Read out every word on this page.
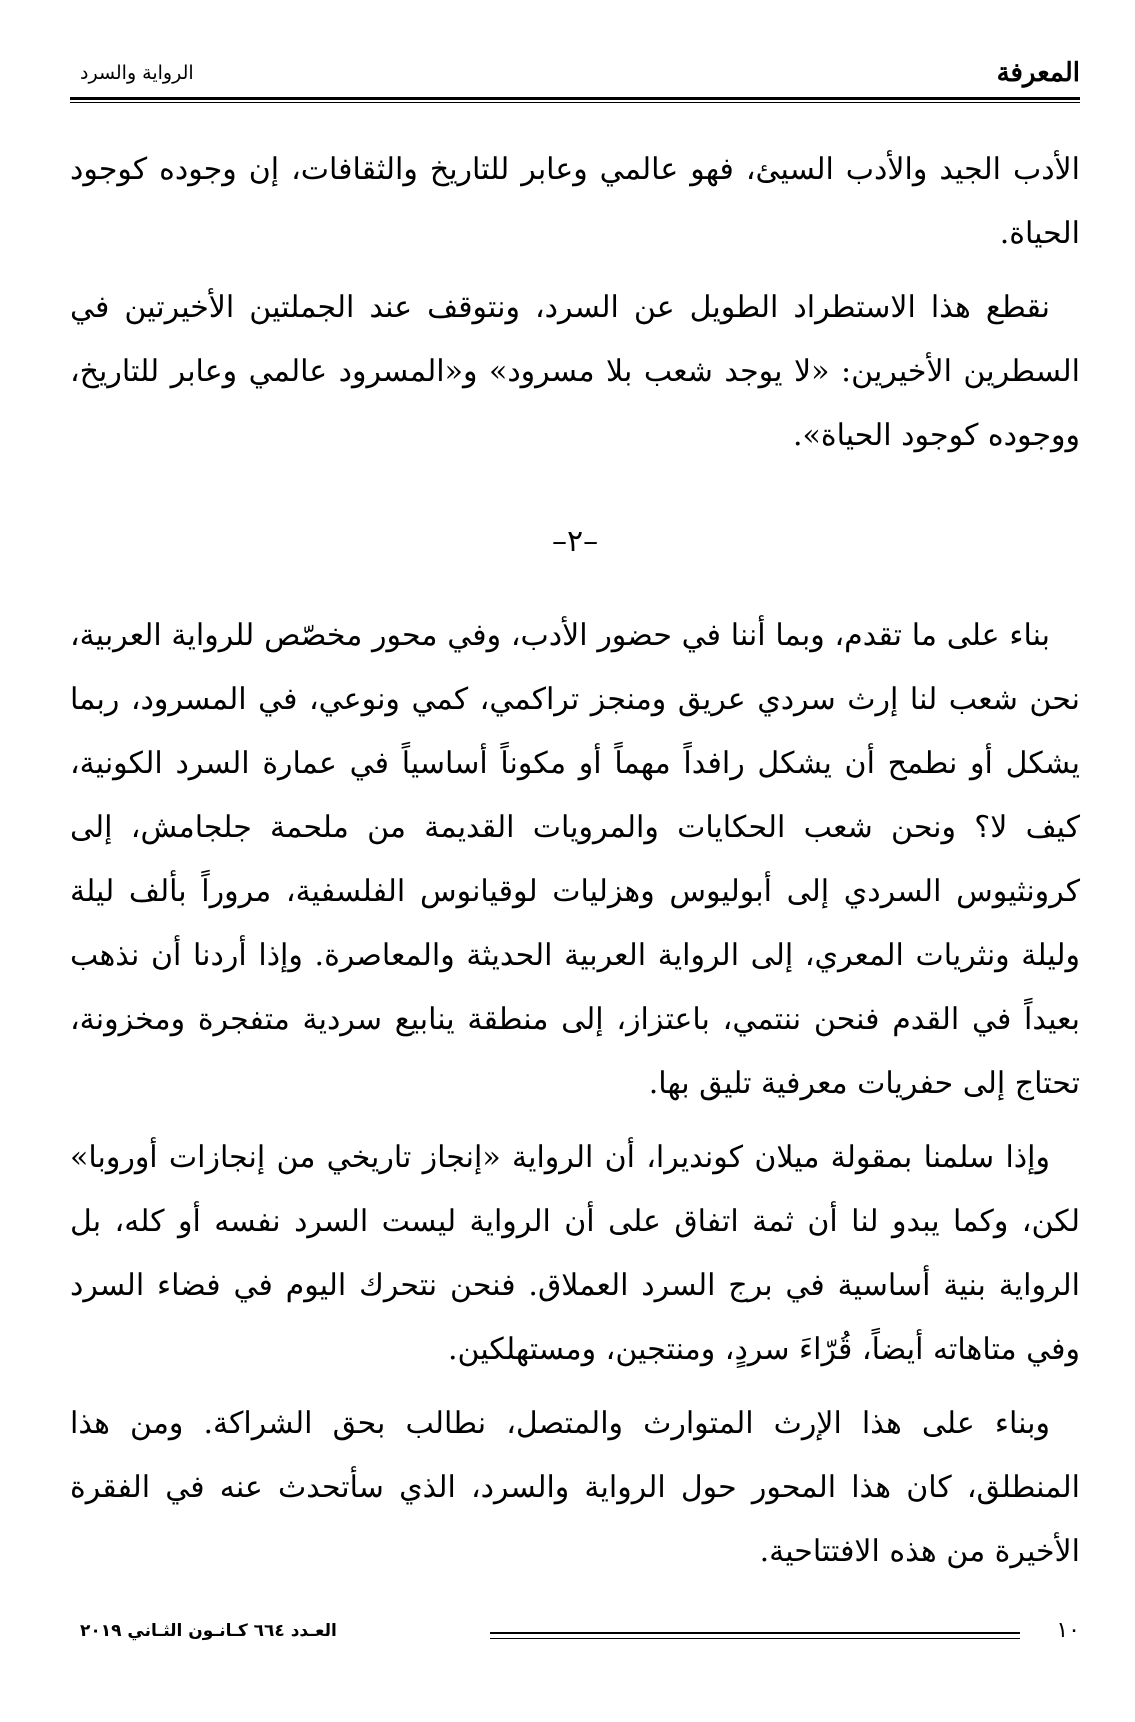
المعرفة
الرواية والسرد

الأدب الجيد والأدب السيئ، فهو عالمي وعابر للتاريخ والثقافات، إن وجوده كوجود الحياة.

نقطع هذا الاستطراد الطويل عن السرد، ونتوقف عند الجملتين الأخيرتين في السطرين الأخيرين: «لا يوجد شعب بلا مسرود» و«المسرود عالمي وعابر للتاريخ، ووجوده كوجود الحياة».

–٢–

بناء على ما تقدم، وبما أننا في حضور الأدب، وفي محور مخصّص للرواية العربية، نحن شعب لنا إرث سردي عريق ومنجز تراكمي، كمي ونوعي، في المسرود، ربما يشكل أو نطمح أن يشكل رافداً مهماً أو مكوناً أساسياً في عمارة السرد الكونية، كيف لا؟ ونحن شعب الحكايات والمرويات القديمة من ملحمة جلجامش، إلى كرونثيوس السردي إلى أبوليوس وهزليات لوقيانوس الفلسفية، مروراً بألف ليلة وليلة ونثريات المعري، إلى الرواية العربية الحديثة والمعاصرة. وإذا أردنا أن نذهب بعيداً في القدم فنحن ننتمي، باعتزاز، إلى منطقة ينابيع سردية متفجرة ومخزونة، تحتاج إلى حفريات معرفية تليق بها.

وإذا سلمنا بمقولة ميلان كونديرا، أن الرواية «إنجاز تاريخي من إنجازات أوروبا» لكن، وكما يبدو لنا أن ثمة اتفاق على أن الرواية ليست السرد نفسه أو كله، بل الرواية بنية أساسية في برج السرد العملاق. فنحن نتحرك اليوم في فضاء السرد وفي متاهاته أيضاً، قُرّاءَ سردٍ، ومنتجين، ومستهلكين.

وبناء على هذا الإرث المتوارث والمتصل، نطالب بحق الشراكة. ومن هذا المنطلق، كان هذا المحور حول الرواية والسرد، الذي سأتحدث عنه في الفقرة الأخيرة من هذه الافتتاحية.

١٠
العـدد ٦٦٤ كـانـون الثـاني ٢٠١٩
